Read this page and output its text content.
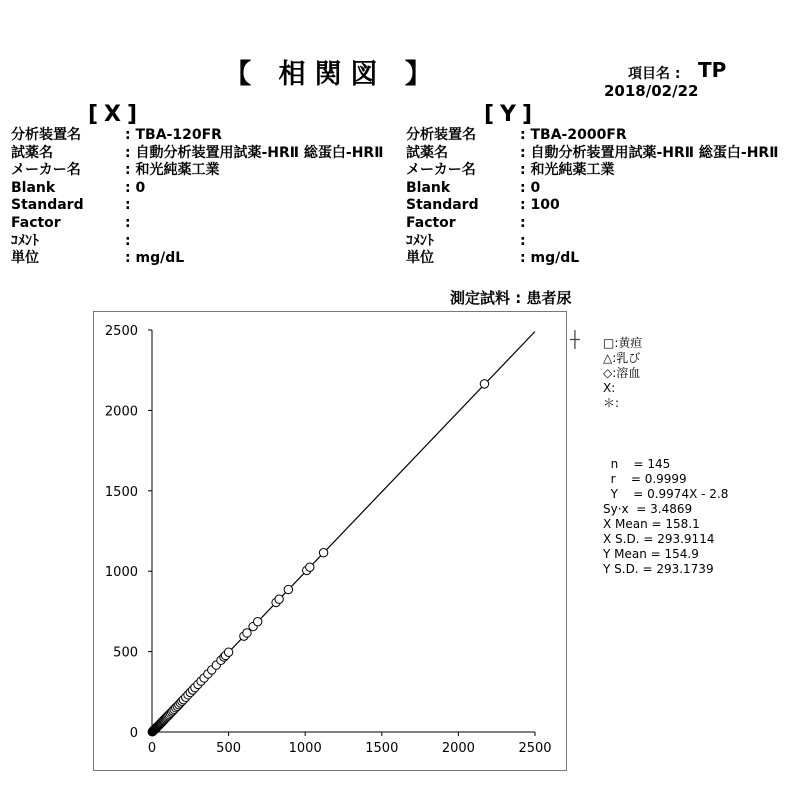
【 相関図 】	項目名 : TP
2018/02/22
[X]
分析装置名	: TBA-120FR
試薬名	: 自動分析装置用試薬-HRⅡ 総蛋白-HRⅡ
メーカー名	: 和光純薬工業
Blank	: 0
Standard
:
Factor
:
ｺﾒﾝﾄ
:
単位	: mg/dL
[Y]
分析装置名	: TBA-2000FR
試薬名	: 自動分析装置用試薬-HRⅡ 総蛋白-HRⅡ
メーカー名	: 和光純薬工業
Blank	: 0
Standard	: 100
Factor
:
ｺﾒﾝﾄ
:
単位	: mg/dL
測定試料 : 患者尿
0	500	1000	1500	2000	2500
0
500
1000
1500
2000
2500	┼ □:黄疸
△:乳び
◇:溶血
X:
＊:
n    = 145
r    = 0.9999
Y    = 0.9974X - 2.8
Sy·x  = 3.4869
X Mean = 158.1
X S.D. = 293.9114
Y Mean = 154.9
Y S.D. = 293.1739
